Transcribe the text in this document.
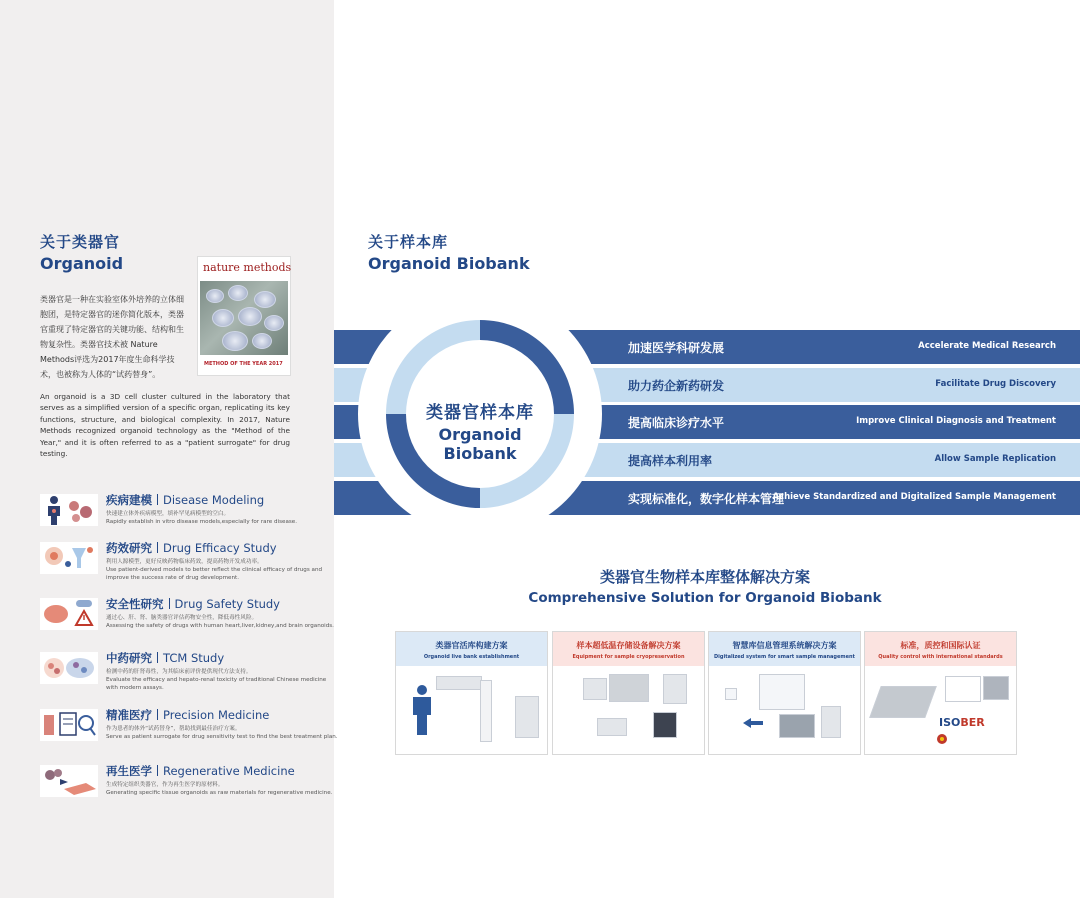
关于类器官
Organoid
类器官是一种在实验室体外培养的立体细胞团，是特定器官的迷你简化版本，类器官重现了特定器官的关键功能、结构和生物复杂性。类器官技术被 Nature Methods评选为2017年度生命科学技术，也被称为人体的“试药替身”。
An organoid is a 3D cell cluster cultured in the laboratory that serves as a simplified version of a specific organ, replicating its key functions, structure, and biological complexity. In 2017, Nature Methods recognized organoid technology as the "Method of the Year," and it is often referred to as a "patient surrogate" for drug testing.
nature methods
METHOD OF THE YEAR 2017
疾病建模 Disease Modeling
快速建立体外疾病模型，填补罕见病模型的空白。
Rapidly establish in vitro disease models,especially for rare disease.
药效研究 Drug Efficacy Study
利用人源模型，更好反映药物临床药效，提高药物开发成功率。
Use patient-derived models to better reflect the clinical efficacy of drugs and improve the success rate of drug development.
安全性研究 Drug Safety Study
通过心、肝、肾、脑类器官评估药物安全性，降低毒性风险。
Assessing the safety of drugs with human heart,liver,kidney,and brain organoids.
中药研究 TCM Study
检测中药的肝肾毒性，为其临床前评价提供现代方法支持。
Evaluate the efficacy and hepato-renal toxicity of traditional Chinese medicine with modern assays.
精准医疗 Precision Medicine
作为患者的体外“试药替身”，帮助找到最佳治疗方案。
Serve as patient surrogate for drug sensitivity test to find the best treatment plan.
再生医学 Regenerative Medicine
生成特定组织类器官，作为再生医学的原材料。
Generating specific tissue organoids as raw materials for regenerative medicine.
关于样本库
Organoid Biobank
加速医学科研发展	Accelerate Medical Research
助力药企新药研发	Facilitate Drug Discovery
提高临床诊疗水平	Improve Clinical Diagnosis and Treatment
提高样本利用率	Allow Sample Replication
实现标准化，数字化样本管理
Achieve Standardized and Digitalized Sample Management
类器官样本库
Organoid
Biobank
类器官生物样本库整体解决方案
Comprehensive Solution for Organoid Biobank
类器官活库构建方案
Organoid live bank establishment
样本超低温存储设备解决方案
Equipment for sample cryopreservation
智慧库信息管理系统解决方案
Digitalized system for smart sample management
标准，质控和国际认证
Quality control with international standards
ISOBER
